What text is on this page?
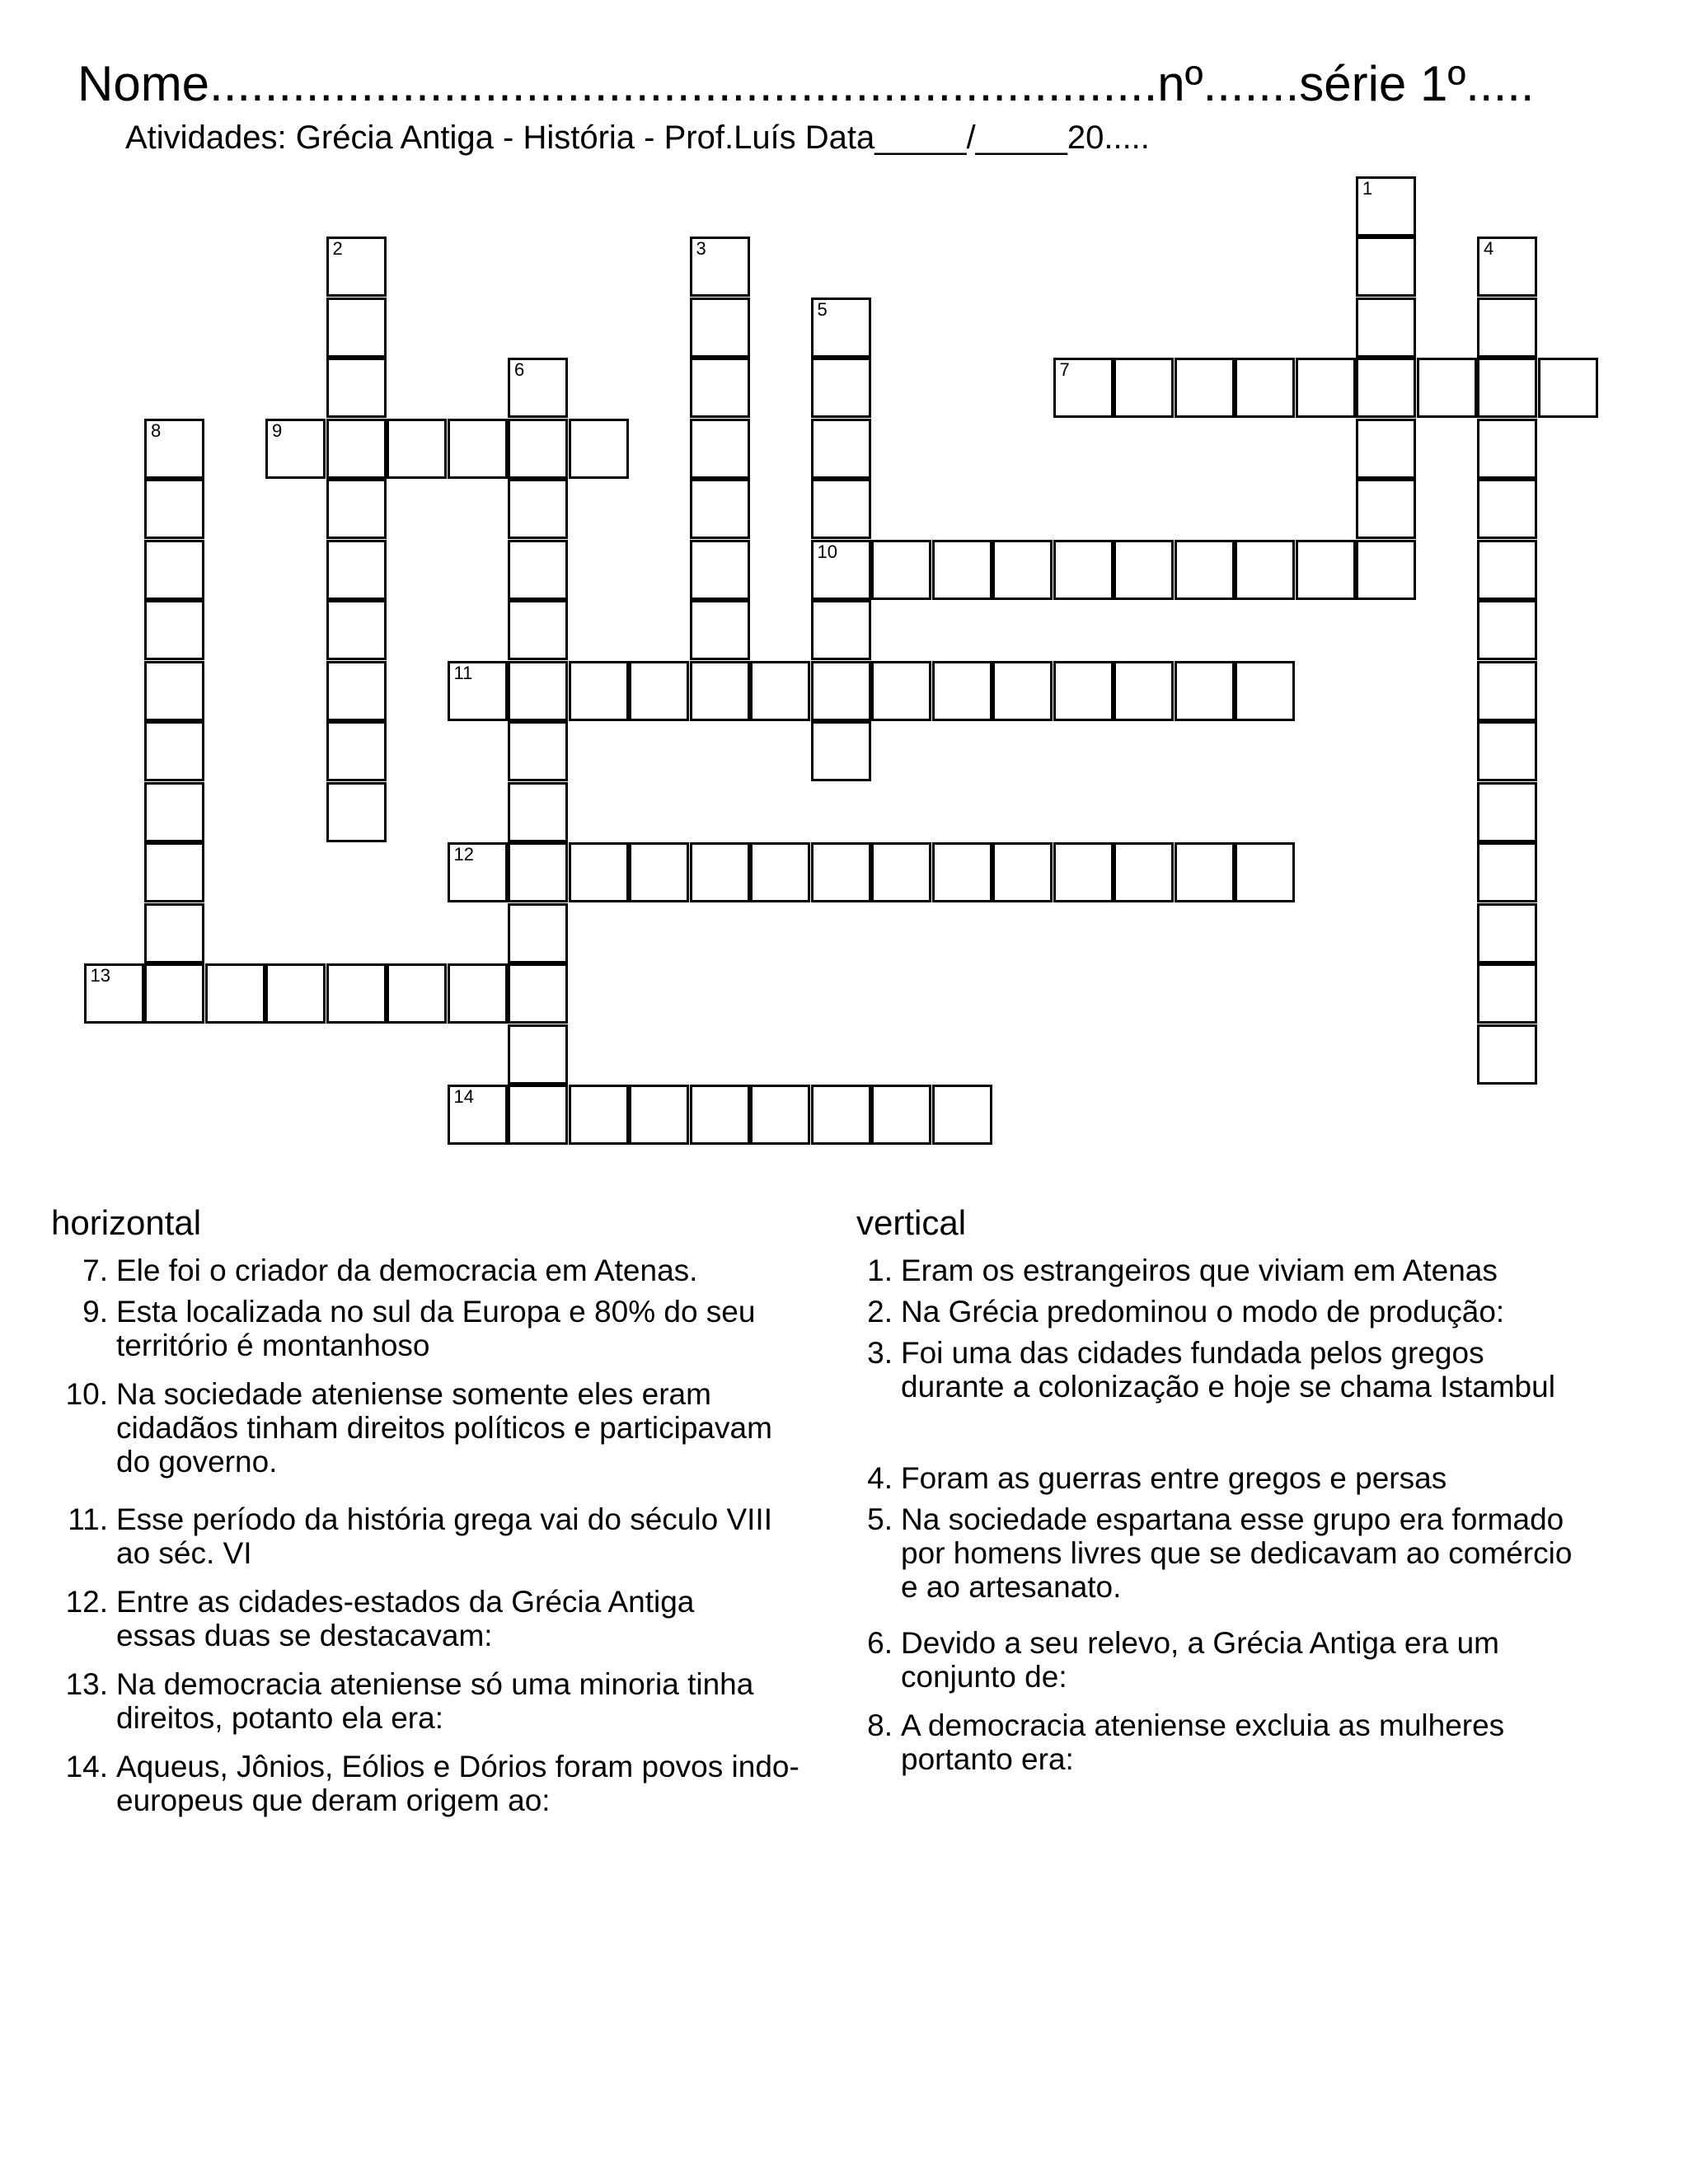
Nome.....................................................................nº.......série 1º.....
Atividades: Grécia Antiga - História - Prof.Luís Data_____/_____20.....
1
2	3	4
5
10
6	7
8	9
11
12
13
14
horizontal	vertical
7. Ele foi o criador da democracia em Atenas.
9. Esta localizada no sul da Europa e 80% do seu território é montanhoso
10. Na sociedade ateniense somente eles eram cidadãos tinham direitos políticos e participavam do governo.
11. Esse período da história grega vai do século VIII ao séc. VI
12. Entre as cidades-estados da Grécia Antiga essas duas se destacavam:
13. Na democracia ateniense só uma minoria tinha direitos, potanto ela era:
14. Aqueus, Jônios, Eólios e Dórios foram povos indo-europeus que deram origem ao:
1. Eram os estrangeiros que viviam em Atenas
2. Na Grécia predominou o modo de produção:
3. Foi uma das cidades fundada pelos gregos durante a colonização e hoje se chama Istambul
4. Foram as guerras entre gregos e persas
5. Na sociedade espartana esse grupo era formado por homens livres que se dedicavam ao comércio e ao artesanato.
6. Devido a seu relevo, a Grécia Antiga era um conjunto de:
8. A democracia ateniense excluia as mulheres portanto era:
